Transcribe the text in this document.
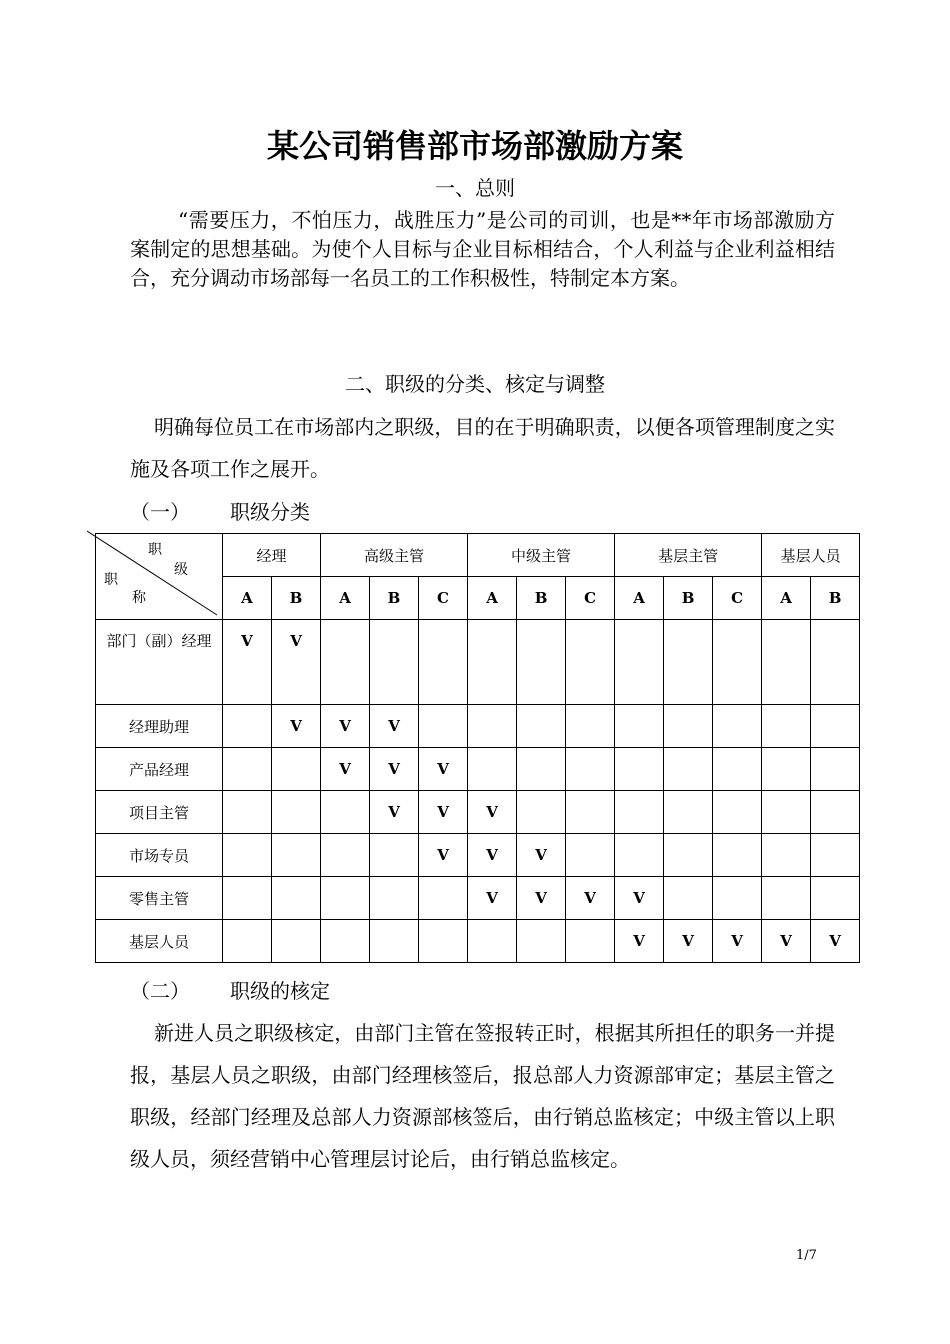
某公司销售部市场部激励方案
一、总则

“需要压力，不怕压力，战胜压力”是公司的司训，也是**年市场部激励方案制定的思想基础。为使个人目标与企业目标相结合，个人利益与企业利益相结合，充分调动市场部每一名员工的工作积极性，特制定本方案。

二、职级的分类、核定与调整

明确每位员工在市场部内之职级，目的在于明确职责，以便各项管理制度之实施及各项工作之展开。

（一） 职级分类
职
级
职
称	经理		高级主管			中级主管			基层主管			基层人员	
	A	B	A	B	C	A	B	C	A	B	C	A	B
部门（副）经理	V	V											
经理助理		V	V	V									
产品经理			V	V	V								
项目主管				V	V	V							
市场专员					V	V	V						
零售主管						V	V	V	V				
基层人员									V	V	V	V	V
（二） 职级的核定

新进人员之职级核定，由部门主管在签报转正时，根据其所担任的职务一并提报，基层人员之职级，由部门经理核签后，报总部人力资源部审定；基层主管之职级，经部门经理及总部人力资源部核签后，由行销总监核定；中级主管以上职级人员，须经营销中心管理层讨论后，由行销总监核定。

1/7
